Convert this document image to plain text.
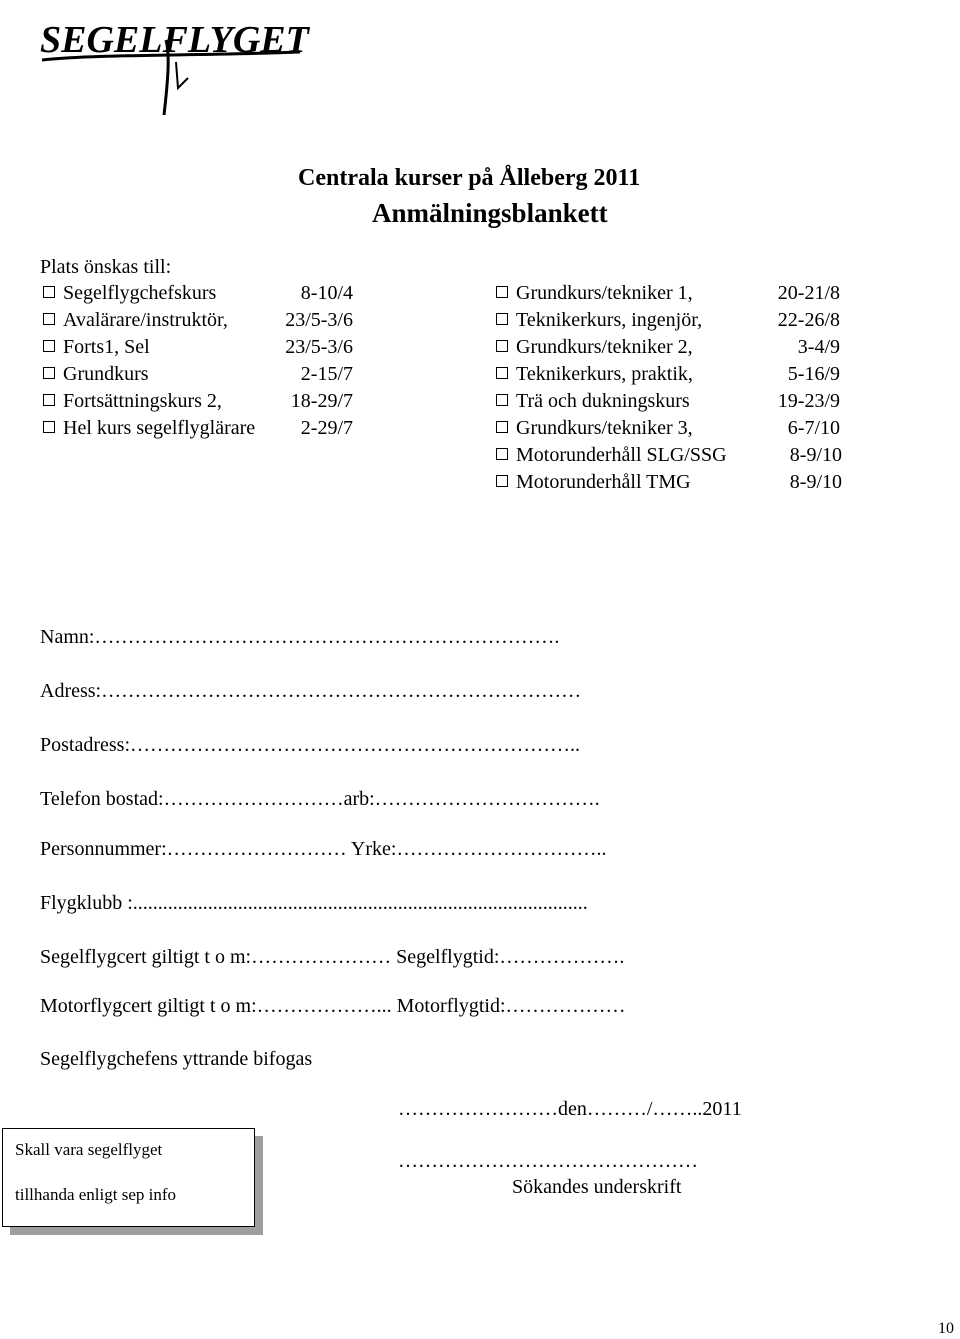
SEGELFLYGET
Centrala kurser på Ålleberg 2011
Anmälningsblankett
Plats önskas till:
Segelflygchefskurs	8-10/4
Avalärare/instruktör,	23/5-3/6
Forts1, Sel	23/5-3/6
Grundkurs	2-15/7
Fortsättningskurs 2,	18-29/7
Hel kurs segelflyglärare 2-29/7
Grundkurs/tekniker 1,	20-21/8
Teknikerkurs, ingenjör,	22-26/8
Grundkurs/tekniker 2,	3-4/9
Teknikerkurs, praktik,	5-16/9
Trä och dukningskurs	19-23/9
Grundkurs/tekniker 3,	6-7/10
Motorunderhåll SLG/SSG	8-9/10
Motorunderhåll TMG	8-9/10
Namn:…………………………………………………………….
Adress:………………………………………………………………
Postadress:…………………………………………………………..
Telefon bostad:………………………arb:…………………………….
Personnummer:……………………… Yrke:…………………………..
Flygklubb :...........................................................................................
Segelflygcert giltigt t o m:………………… Segelflygtid:……………….
Motorflygcert giltigt t o m:………………... Motorflygtid:………………
Segelflygchefens yttrande bifogas
Skall vara segelflyget
tillhanda enligt sep info
……………………den………/……..2011
………………………………………
Sökandes underskrift
10
